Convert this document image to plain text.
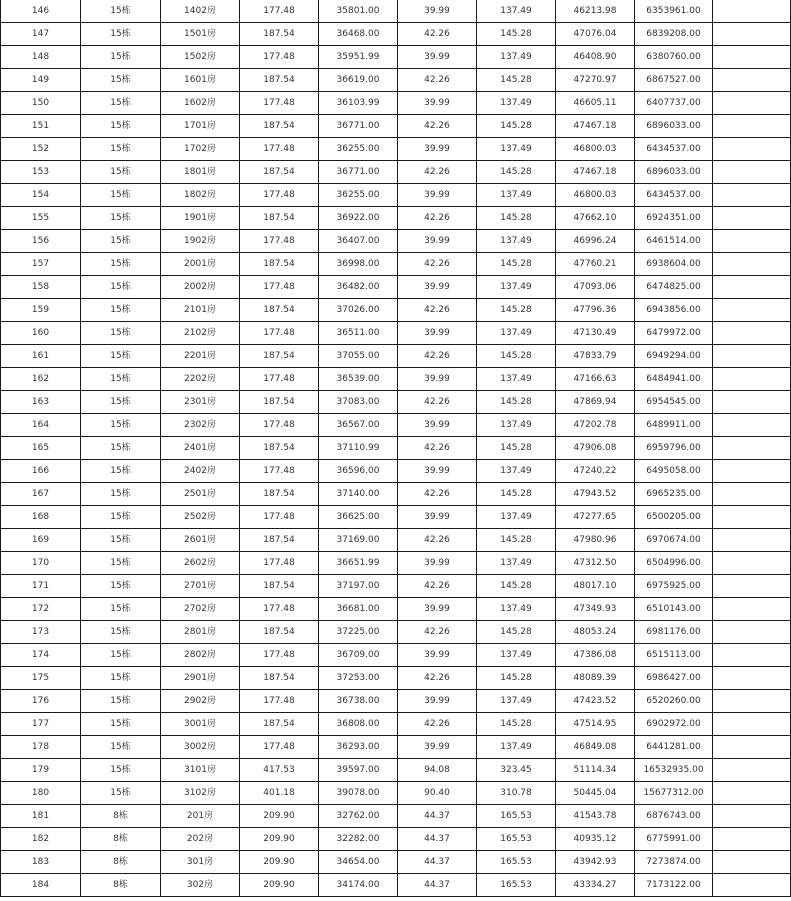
146	15栋	1402房	177.48	35801.00	39.99	137.49	46213.98	6353961.00	
147	15栋	1501房	187.54	36468.00	42.26	145.28	47076.04	6839208.00	
148	15栋	1502房	177.48	35951.99	39.99	137.49	46408.90	6380760.00	
149	15栋	1601房	187.54	36619.00	42.26	145.28	47270.97	6867527.00	
150	15栋	1602房	177.48	36103.99	39.99	137.49	46605.11	6407737.00	
151	15栋	1701房	187.54	36771.00	42.26	145.28	47467.18	6896033.00	
152	15栋	1702房	177.48	36255.00	39.99	137.49	46800.03	6434537.00	
153	15栋	1801房	187.54	36771.00	42.26	145.28	47467.18	6896033.00	
154	15栋	1802房	177.48	36255.00	39.99	137.49	46800.03	6434537.00	
155	15栋	1901房	187.54	36922.00	42.26	145.28	47662.10	6924351.00	
156	15栋	1902房	177.48	36407.00	39.99	137.49	46996.24	6461514.00	
157	15栋	2001房	187.54	36998.00	42.26	145.28	47760.21	6938604.00	
158	15栋	2002房	177.48	36482.00	39.99	137.49	47093.06	6474825.00	
159	15栋	2101房	187.54	37026.00	42.26	145.28	47796.36	6943856.00	
160	15栋	2102房	177.48	36511.00	39.99	137.49	47130.49	6479972.00	
161	15栋	2201房	187.54	37055.00	42.26	145.28	47833.79	6949294.00	
162	15栋	2202房	177.48	36539.00	39.99	137.49	47166.63	6484941.00	
163	15栋	2301房	187.54	37083.00	42.26	145.28	47869.94	6954545.00	
164	15栋	2302房	177.48	36567.00	39.99	137.49	47202.78	6489911.00	
165	15栋	2401房	187.54	37110.99	42.26	145.28	47906.08	6959796.00	
166	15栋	2402房	177.48	36596.00	39.99	137.49	47240.22	6495058.00	
167	15栋	2501房	187.54	37140.00	42.26	145.28	47943.52	6965235.00	
168	15栋	2502房	177.48	36625.00	39.99	137.49	47277.65	6500205.00	
169	15栋	2601房	187.54	37169.00	42.26	145.28	47980.96	6970674.00	
170	15栋	2602房	177.48	36651.99	39.99	137.49	47312.50	6504996.00	
171	15栋	2701房	187.54	37197.00	42.26	145.28	48017.10	6975925.00	
172	15栋	2702房	177.48	36681.00	39.99	137.49	47349.93	6510143.00	
173	15栋	2801房	187.54	37225.00	42.26	145.28	48053.24	6981176.00	
174	15栋	2802房	177.48	36709.00	39.99	137.49	47386.08	6515113.00	
175	15栋	2901房	187.54	37253.00	42.26	145.28	48089.39	6986427.00	
176	15栋	2902房	177.48	36738.00	39.99	137.49	47423.52	6520260.00	
177	15栋	3001房	187.54	36808.00	42.26	145.28	47514.95	6902972.00	
178	15栋	3002房	177.48	36293.00	39.99	137.49	46849.08	6441281.00	
179	15栋	3101房	417.53	39597.00	94.08	323.45	51114.34	16532935.00	
180	15栋	3102房	401.18	39078.00	90.40	310.78	50445.04	15677312.00	
181	8栋	201房	209.90	32762.00	44.37	165.53	41543.78	6876743.00	
182	8栋	202房	209.90	32282.00	44.37	165.53	40935.12	6775991.00	
183	8栋	301房	209.90	34654.00	44.37	165.53	43942.93	7273874.00	
184	8栋	302房	209.90	34174.00	44.37	165.53	43334.27	7173122.00	
